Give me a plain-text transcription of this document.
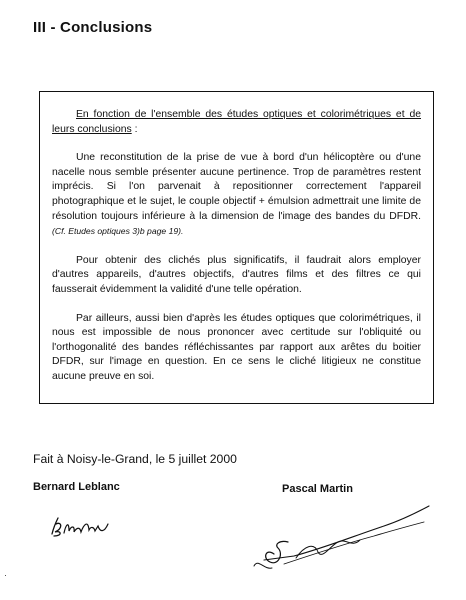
III - Conclusions

En fonction de l'ensemble des études optiques et colorimétriques et de leurs conclusions :

Une reconstitution de la prise de vue à bord d'un hélicoptère ou d'une nacelle nous semble présenter aucune pertinence. Trop de paramètres restent imprécis. Si l'on parvenait à repositionner correctement l'appareil photographique et le sujet, le couple objectif + émulsion admettrait une limite de résolution toujours inférieure à la dimension de l'image des bandes du DFDR. (Cf. Etudes optiques 3)b page 19).

Pour obtenir des clichés plus significatifs, il faudrait alors employer d'autres appareils, d'autres objectifs, d'autres films et des filtres ce qui fausserait évidemment la validité d'une telle opération.

Par ailleurs, aussi bien d'après les études optiques que colorimétriques, il nous est impossible de nous prononcer avec certitude sur l'obliquité ou l'orthogonalité des bandes réfléchissantes par rapport aux arêtes du boitier DFDR, sur l'image en question. En ce sens le cliché litigieux ne constitue aucune preuve en soi.

Fait à Noisy-le-Grand, le 5 juillet 2000
Bernard Leblanc	Pascal Martin
·
